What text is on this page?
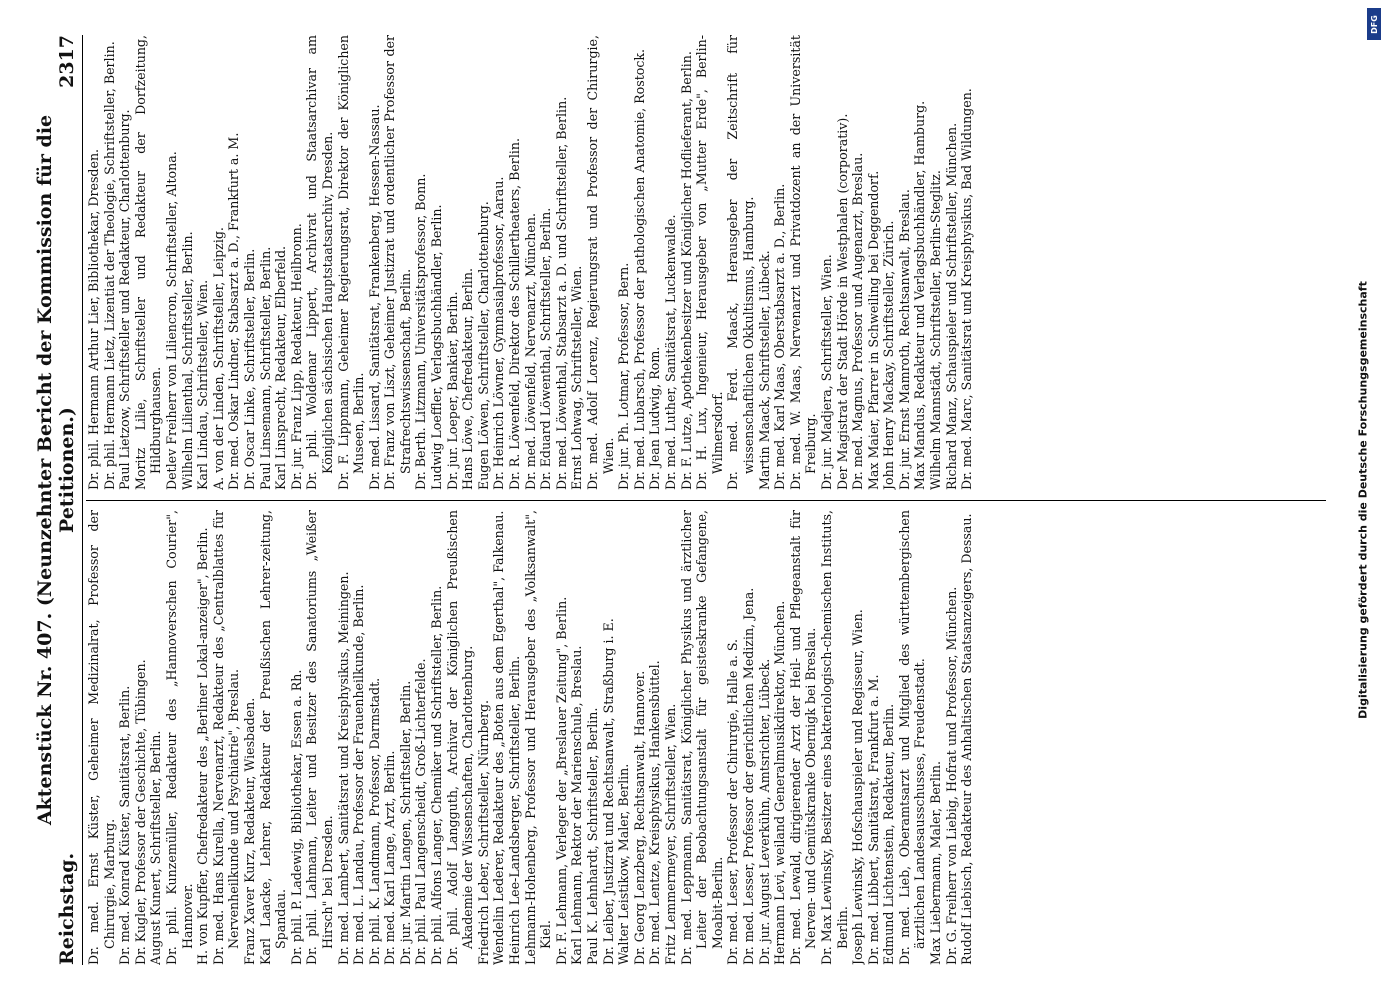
Reichstag.
Aktenstück Nr. 407. (Neunzehnter Bericht der Kommission für die Petitionen.)
2317
Dr. med. Ernst Küster, Geheimer Medizinalrat, Professor der Chirurgie, Marburg. Dr. med. Konrad Küster, Sanitätsrat, Berlin. Dr. Kugler, Professor der Geschichte, Tübingen. August Kunert, Schriftsteller, Berlin. Dr. phil. Kunzemüller, Redakteur des „Hannoverschen Courier", Hannover. H. von Kupffer, Chefredakteur des „Berliner Lokal-anzeiger", Berlin. Dr. med. Hans Kurella, Nervenarzt, Redakteur des „Centralblattes für Nervenheilkunde und Psychiatrie", Breslau. Franz Xaver Kurz, Redakteur, Wiesbaden. Karl Laacke, Lehrer, Redakteur der Preußischen Lehrer-zeitung, Spandau. Dr. phil. P. Ladewig, Bibliothekar, Essen a. Rh. Dr. phil. Lahmann, Leiter und Besitzer des Sanatoriums „Weißer Hirsch" bei Dresden. Dr. med. Lambert, Sanitätsrat und Kreisphysikus, Meiningen. Dr. med. L. Landau, Professor der Frauenheilkunde, Berlin. Dr. phil. K. Landmann, Professor, Darmstadt. Dr. med. Karl Lange, Arzt, Berlin. Dr. jur. Martin Langen, Schriftsteller, Berlin. Dr. phil. Paul Langenscheidt, Groß-Lichterfelde. Dr. phil. Alfons Langer, Chemiker und Schriftsteller, Berlin. Dr. phil. Adolf Langguth, Archivar der Königlichen Preußischen Akademie der Wissenschaften, Charlottenburg. Friedrich Leber, Schriftsteller, Nürnberg. Wendelin Lederer, Redakteur des „Boten aus dem Egerthal", Falkenau. Heinrich Lee-Landsberger, Schriftsteller, Berlin. Lehmann-Hohenberg, Professor und Herausgeber des „Volksanwalt", Kiel. Dr. F. Lehmann, Verleger der „Breslauer Zeitung", Berlin. Karl Lehmann, Rektor der Marienschule, Breslau. Paul K. Lehnhardt, Schriftsteller, Berlin. Dr. Leiber, Justizrat und Rechtsanwalt, Straßburg i. E. Walter Leistikow, Maler, Berlin. Dr. Georg Lenzberg, Rechtsanwalt, Hannover. Dr. med. Lentze, Kreisphysikus, Hankensbüttel. Fritz Lemmermeyer, Schriftsteller, Wien. Dr. med. Leppmann, Sanitätsrat, Königlicher Physikus und ärztlicher Leiter der Beobachtungsanstalt für geisteskranke Gefangene, Moabit-Berlin. Dr. med. Leser, Professor der Chirurgie, Halle a. S. Dr. med. Lesser, Professor der gerichtlichen Medizin, Jena. Dr. jur. August Leverkühn, Amtsrichter, Lübeck. Hermann Levi, weiland Generalmusikdirektor, München. Dr. med. Lewald, dirigierender Arzt der Heil- und Pflegeanstalt für Nerven- und Gemütskranke Obernigk bei Breslau. Dr. Max Lewinsky, Besitzer eines bakteriologisch-chemischen Instituts, Berlin. Joseph Lewinsky, Hofschauspieler und Regisseur, Wien. Dr. med. Libbert, Sanitätsrat, Frankfurt a. M. Edmund Lichtenstein, Redakteur, Berlin. Dr. med. Lieb, Oberamtsarzt und Mitglied des württembergischen ärztlichen Landesausschusses, Freudenstadt. Max Liebermann, Maler, Berlin. Dr. G. Freiherr von Liebig, Hofrat und Professor, München. Rudolf Liebisch, Redakteur des Anhaltischen Staatsanzeigers, Dessau.
Dr. phil. Hermann Arthur Lier, Bibliothekar, Dresden. Dr. phil. Hermann Lietz, Lizentiat der Theologie, Schriftsteller, Berlin. Paul Lietzow, Schriftsteller und Redakteur, Charlottenburg. Moritz Lilie, Schriftsteller und Redakteur der Dorfzeitung, Hildburghausen. Detlev Freiherr von Liliencron, Schriftsteller, Altona. Wilhelm Lilienthal, Schriftsteller, Berlin. Karl Lindau, Schriftsteller, Wien. A. von der Linden, Schriftsteller, Leipzig. Dr. med. Oskar Lindner, Stabsarzt a. D., Frankfurt a. M. Dr. Oscar Linke, Schriftsteller, Berlin. Paul Linsemann, Schriftsteller, Berlin. Karl Linsprecht, Redakteur, Elberfeld. Dr. jur. Franz Lipp, Redakteur, Heilbronn. Dr. phil. Woldemar Lippert, Archivrat und Staatsarchivar am Königlichen sächsischen Hauptstaatsarchiv, Dresden. Dr. F. Lippmann, Geheimer Regierungsrat, Direktor der Königlichen Museen, Berlin. Dr. med. Lissard, Sanitätsrat, Frankenberg, Hessen-Nassau. Dr. Franz von Liszt, Geheimer Justizrat und ordentlicher Professor der Strafrechtswissenschaft, Berlin. Dr. Berth. Litzmann, Universitätsprofessor, Bonn. Ludwig Loeffler, Verlagsbuchhändler, Berlin. Dr. jur. Loeper, Bankier, Berlin. Hans Löwe, Chefredakteur, Berlin. Eugen Löwen, Schriftsteller, Charlottenburg. Dr. Heinrich Löwner, Gymnasialprofessor, Aarau. Dr. R. Löwenfeld, Direktor des Schillertheaters, Berlin. Dr. med. Löwenfeld, Nervenarzt, München. Dr. Eduard Löwenthal, Schriftsteller, Berlin. Dr. med. Löwenthal, Stabsarzt a. D. und Schriftsteller, Berlin. Ernst Lohwag, Schriftsteller, Wien. Dr. med. Adolf Lorenz, Regierungsrat und Professor der Chirurgie, Wien. Dr. jur. Ph. Lotmar, Professor, Bern. Dr. med. Lubarsch, Professor der pathologischen Anatomie, Rostock. Dr. Jean Ludwig, Rom. Dr. med. Luther, Sanitätsrat, Luckenwalde. Dr. F. Lutze, Apothekenbesitzer und Königlicher Hoflieferant, Berlin. Dr. H. Lux, Ingenieur, Herausgeber von „Mutter Erde", Berlin-Wilmersdorf. Dr. med. Ferd. Maack, Herausgeber der Zeitschrift für wissenschaftlichen Okkultismus, Hamburg. Martin Maack, Schriftsteller, Lübeck. Dr. med. Karl Maas, Oberstabsarzt a. D., Berlin. Dr. med. W. Maas, Nervenarzt und Privatdozent an der Universität Freiburg. Dr. jur. Madjera, Schriftsteller, Wien. Der Magistrat der Stadt Hörde in Westphalen (corporativ). Dr. med. Magnus, Professor und Augenarzt, Breslau. Max Maier, Pfarrer in Schweiling bei Deggendorf. John Henry Mackay, Schriftsteller, Zürich. Dr. jur. Ernst Mamroth, Rechtsanwalt, Breslau. Max Mandus, Redakteur und Verlagsbuchhändler, Hamburg. Wilhelm Mannstädt, Schriftsteller, Berlin-Steglitz. Richard Manz, Schauspieler und Schriftsteller, München. Dr. med. Marc, Sanitätsrat und Kreisphysikus, Bad Wildungen.	Digitalisierung gefördert durch die Deutsche Forschungsgemeinschaft
DFG
